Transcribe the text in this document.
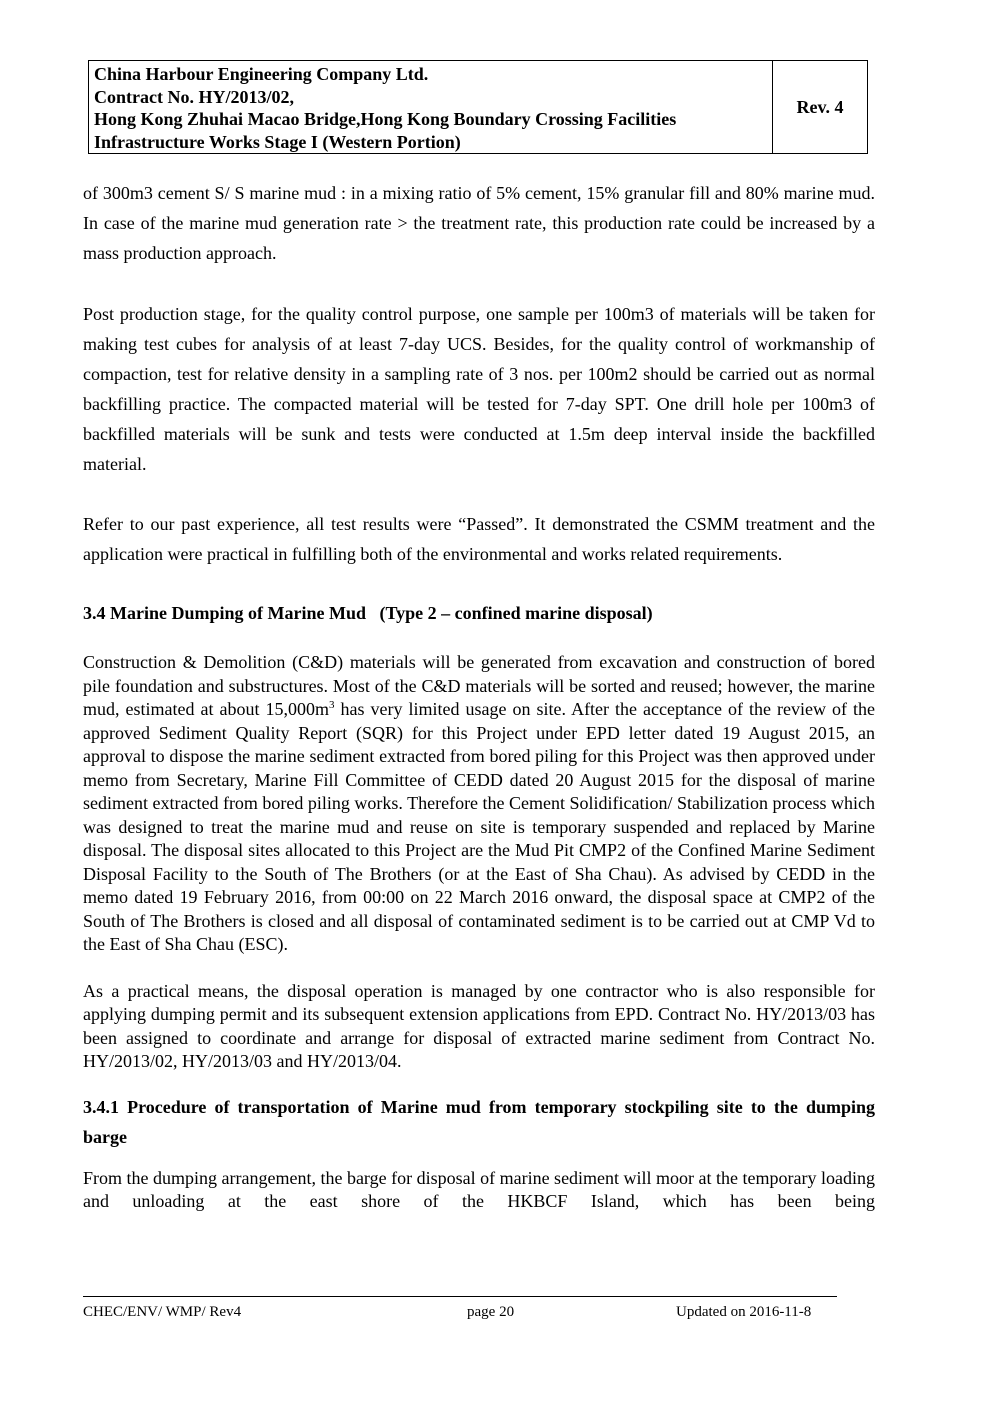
China Harbour Engineering Company Ltd.
Contract No. HY/2013/02,
Hong Kong Zhuhai Macao Bridge,Hong Kong Boundary Crossing Facilities
Infrastructure Works Stage I (Western Portion)
Rev. 4

of 300m3 cement S/ S marine mud : in a mixing ratio of 5% cement, 15% granular fill and 80% marine mud. In case of the marine mud generation rate > the treatment rate, this production rate could be increased by a mass production approach.

Post production stage, for the quality control purpose, one sample per 100m3 of materials will be taken for making test cubes for analysis of at least 7-day UCS. Besides, for the quality control of workmanship of compaction, test for relative density in a sampling rate of 3 nos. per 100m2 should be carried out as normal backfilling practice. The compacted material will be tested for 7-day SPT. One drill hole per 100m3 of backfilled materials will be sunk and tests were conducted at 1.5m deep interval inside the backfilled material.

Refer to our past experience, all test results were “Passed”. It demonstrated the CSMM treatment and the application were practical in fulfilling both of the environmental and works related requirements.

3.4 Marine Dumping of Marine Mud   (Type 2 – confined marine disposal)

Construction & Demolition (C&D) materials will be generated from excavation and construction of bored pile foundation and substructures. Most of the C&D materials will be sorted and reused; however, the marine mud, estimated at about $15,000m^3$ has very limited usage on site. After the acceptance of the review of the approved Sediment Quality Report (SQR) for this Project under EPD letter dated 19 August 2015, an approval to dispose the marine sediment extracted from bored piling for this Project was then approved under memo from Secretary, Marine Fill Committee of CEDD dated 20 August 2015 for the disposal of marine sediment extracted from bored piling works. Therefore the Cement Solidification/ Stabilization process which was designed to treat the marine mud and reuse on site is temporary suspended and replaced by Marine disposal. The disposal sites allocated to this Project are the Mud Pit CMP2 of the Confined Marine Sediment Disposal Facility to the South of The Brothers (or at the East of Sha Chau). As advised by CEDD in the memo dated 19 February 2016, from 00:00 on 22 March 2016 onward, the disposal space at CMP2 of the South of The Brothers is closed and all disposal of contaminated sediment is to be carried out at CMP Vd to the East of Sha Chau (ESC).

As a practical means, the disposal operation is managed by one contractor who is also responsible for applying dumping permit and its subsequent extension applications from EPD. Contract No. HY/2013/03 has been assigned to coordinate and arrange for disposal of extracted marine sediment from Contract No. HY/2013/02, HY/2013/03 and HY/2013/04.

3.4.1 Procedure of transportation of Marine mud from temporary stockpiling site to the dumping barge

From the dumping arrangement, the barge for disposal of marine sediment will moor at the temporary loading and unloading at the east shore of the HKBCF Island, which has been being

CHEC/ENV/ WMP/ Rev4	page 20	Updated on 2016-11-8
